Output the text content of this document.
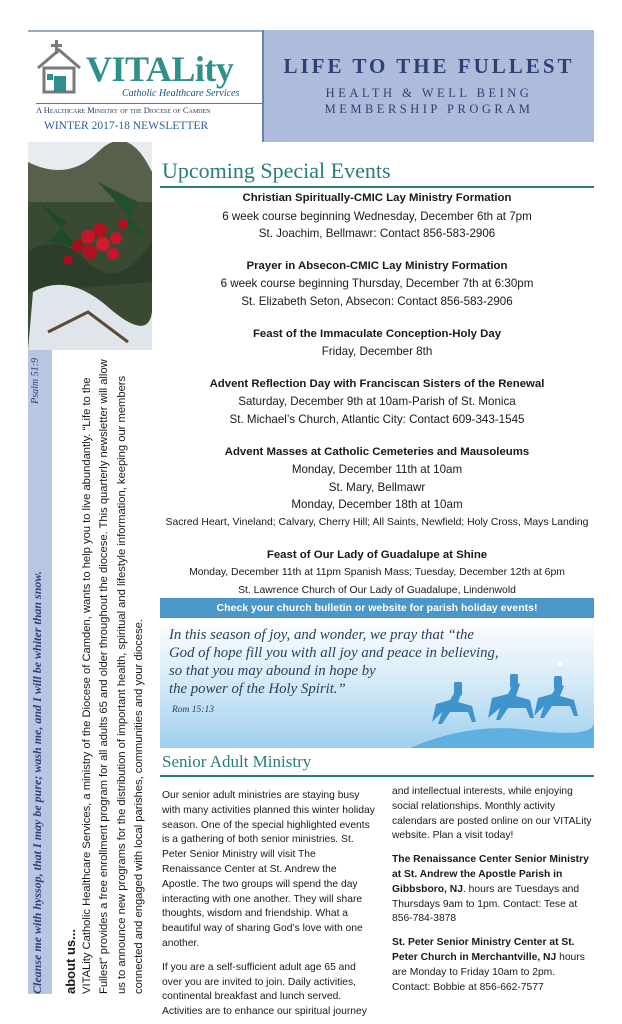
VITALity
Catholic Healthcare Services
A Healthcare Ministry of the Diocese of Camden
WINTER 2017-18 NEWSLETTER
LIFE TO THE FULLEST
HEALTH & WELL BEING
MEMBERSHIP PROGRAM
Cleanse me with hyssop, that I may be pure; wash me, and I will be whiter than snow.
Psalm 51:9
about us... VITALity Catholic Healthcare Services, a ministry of the Diocese of Camden, wants to help you to live abundantly. “Life to the Fullest” provides a free enrollment program for all adults 65 and older throughout the diocese. This quarterly newsletter will allow us to announce new programs for the distribution of important health, spiritual and lifestyle information, keeping our members connected and engaged with local parishes, communities and your diocese.
Upcoming Special Events
Christian Spiritually-CMIC Lay Ministry Formation
6 week course beginning Wednesday, December 6th at 7pm
St. Joachim, Bellmawr: Contact 856-583-2906
Prayer in Absecon-CMIC Lay Ministry Formation
6 week course beginning Thursday, December 7th at 6:30pm
St. Elizabeth Seton, Absecon: Contact 856-583-2906
Feast of the Immaculate Conception-Holy Day
Friday, December 8th
Advent Reflection Day with Franciscan Sisters of the Renewal
Saturday, December 9th at 10am-Parish of St. Monica
St. Michael’s Church, Atlantic City: Contact 609-343-1545
Advent Masses at Catholic Cemeteries and Mausoleums
Monday, December 11th at 10am
St. Mary, Bellmawr
Monday, December 18th at 10am
Sacred Heart, Vineland; Calvary, Cherry Hill; All Saints, Newfield; Holy Cross, Mays Landing
Feast of Our Lady of Guadalupe at Shine
Monday, December 11th at 11pm Spanish Mass; Tuesday, December 12th at 6pm
St. Lawrence Church of Our Lady of Guadalupe, Lindenwold
Check your church bulletin or website for parish holiday events!
In this season of joy, and wonder, we pray that “the
God of hope fill you with all joy and peace in believing,
so that you may abound in hope by
the power of the Holy Spirit.”
Rom 15:13
Senior Adult Ministry

Our senior adult ministries are staying busy with many activities planned this winter holiday season. One of the special highlighted events is a gathering of both senior ministries. St. Peter Senior Ministry will visit The Renaissance Center at St. Andrew the Apostle. The two groups will spend the day interacting with one another. They will share thoughts, wisdom and friendship. What a beautiful way of sharing God’s love with one another.

If you are a self-sufficient adult age 65 and over you are invited to join. Daily activities, continental breakfast and lunch served. Activities are to enhance our spiritual journey

and intellectual interests, while enjoying social relationships. Monthly activity calendars are posted online on our VITALity website. Plan a visit today!

The Renaissance Center Senior Ministry at St. Andrew the Apostle Parish in Gibbsboro, NJ. hours are Tuesdays and Thursdays 9am to 1pm. Contact: Tese at 856-784-3878

St. Peter Senior Ministry Center at St. Peter Church in Merchantville, NJ hours are Monday to Friday 10am to 2pm. Contact: Bobbie at 856-662-7577
